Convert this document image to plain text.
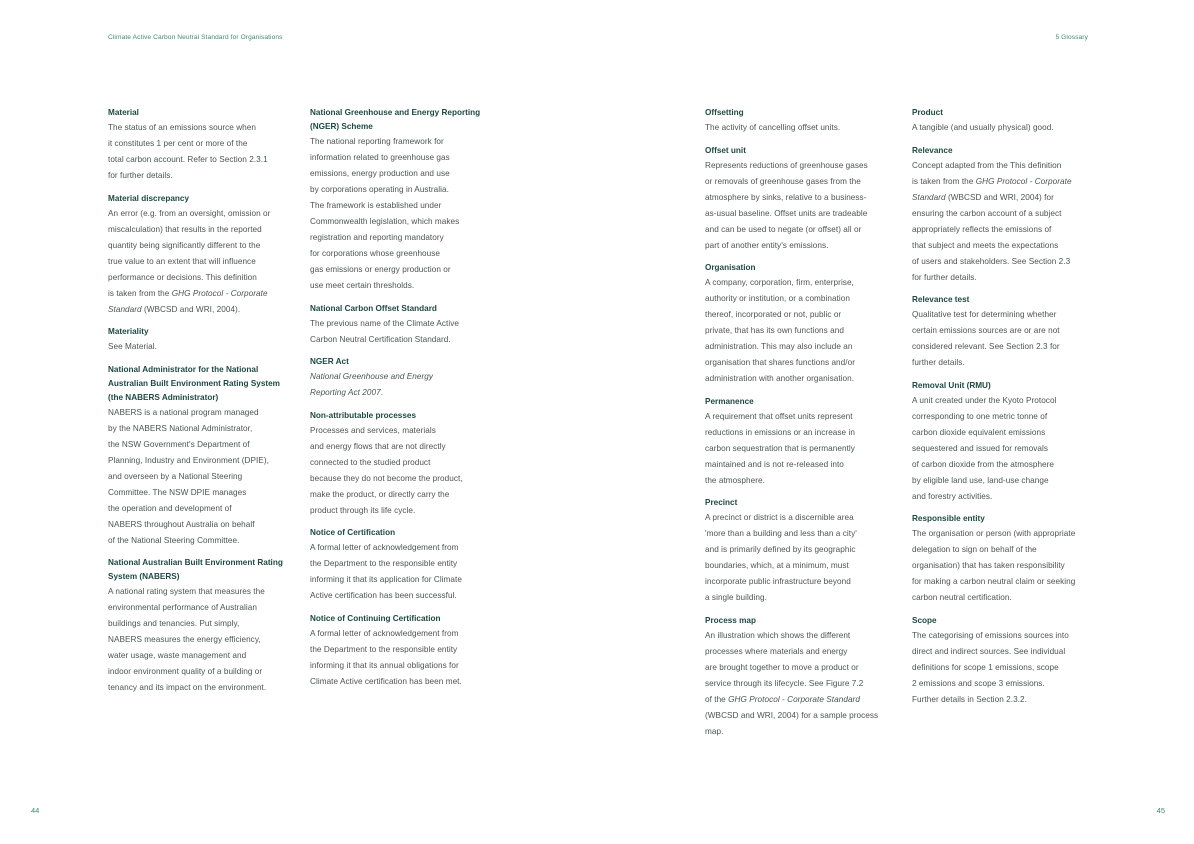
Climate Active Carbon Neutral Standard for Organisations	5 Glossary
Material
The status of an emissions source when
it constitutes 1 per cent or more of the
total carbon account. Refer to Section 2.3.1
for further details.
Material discrepancy
An error (e.g. from an oversight, omission or
miscalculation) that results in the reported
quantity being significantly different to the
true value to an extent that will influence
performance or decisions. This definition
is taken from the GHG Protocol - Corporate
Standard (WBCSD and WRI, 2004).
Materiality
See Material.
National Administrator for the National Australian Built Environment Rating System (the NABERS Administrator)
NABERS is a national program managed
by the NABERS National Administrator,
the NSW Government's Department of
Planning, Industry and Environment (DPIE),
and overseen by a National Steering
Committee. The NSW DPIE manages
the operation and development of
NABERS throughout Australia on behalf
of the National Steering Committee.
National Australian Built Environment Rating System (NABERS)
A national rating system that measures the
environmental performance of Australian
buildings and tenancies. Put simply,
NABERS measures the energy efficiency,
water usage, waste management and
indoor environment quality of a building or
tenancy and its impact on the environment.
National Greenhouse and Energy Reporting (NGER) Scheme
The national reporting framework for
information related to greenhouse gas
emissions, energy production and use
by corporations operating in Australia.
The framework is established under
Commonwealth legislation, which makes
registration and reporting mandatory
for corporations whose greenhouse
gas emissions or energy production or
use meet certain thresholds.
National Carbon Offset Standard
The previous name of the Climate Active
Carbon Neutral Certification Standard.
NGER Act
National Greenhouse and Energy
Reporting Act 2007.
Non-attributable processes
Processes and services, materials
and energy flows that are not directly
connected to the studied product
because they do not become the product,
make the product, or directly carry the
product through its life cycle.
Notice of Certification
A formal letter of acknowledgement from
the Department to the responsible entity
informing it that its application for Climate
Active certification has been successful.
Notice of Continuing Certification
A formal letter of acknowledgement from
the Department to the responsible entity
informing it that its annual obligations for
Climate Active certification has been met.
Offsetting
The activity of cancelling offset units.
Offset unit
Represents reductions of greenhouse gases
or removals of greenhouse gases from the
atmosphere by sinks, relative to a business-
as-usual baseline. Offset units are tradeable
and can be used to negate (or offset) all or
part of another entity's emissions.
Organisation
A company, corporation, firm, enterprise,
authority or institution, or a combination
thereof, incorporated or not, public or
private, that has its own functions and
administration. This may also include an
organisation that shares functions and/or
administration with another organisation.
Permanence
A requirement that offset units represent
reductions in emissions or an increase in
carbon sequestration that is permanently
maintained and is not re-released into
the atmosphere.
Precinct
A precinct or district is a discernible area
'more than a building and less than a city'
and is primarily defined by its geographic
boundaries, which, at a minimum, must
incorporate public infrastructure beyond
a single building.
Process map
An illustration which shows the different
processes where materials and energy
are brought together to move a product or
service through its lifecycle. See Figure 7.2
of the GHG Protocol - Corporate Standard
(WBCSD and WRI, 2004) for a sample process
map.
Product
A tangible (and usually physical) good.
Relevance
Concept adapted from the This definition
is taken from the GHG Protocol - Corporate
Standard (WBCSD and WRI, 2004) for
ensuring the carbon account of a subject
appropriately reflects the emissions of
that subject and meets the expectations
of users and stakeholders. See Section 2.3
for further details.
Relevance test
Qualitative test for determining whether
certain emissions sources are or are not
considered relevant. See Section 2.3 for
further details.
Removal Unit (RMU)
A unit created under the Kyoto Protocol
corresponding to one metric tonne of
carbon dioxide equivalent emissions
sequestered and issued for removals
of carbon dioxide from the atmosphere
by eligible land use, land-use change
and forestry activities.
Responsible entity
The organisation or person (with appropriate
delegation to sign on behalf of the
organisation) that has taken responsibility
for making a carbon neutral claim or seeking
carbon neutral certification.
Scope
The categorising of emissions sources into
direct and indirect sources. See individual
definitions for scope 1 emissions, scope
2 emissions and scope 3 emissions.
Further details in Section 2.3.2.
44	45
